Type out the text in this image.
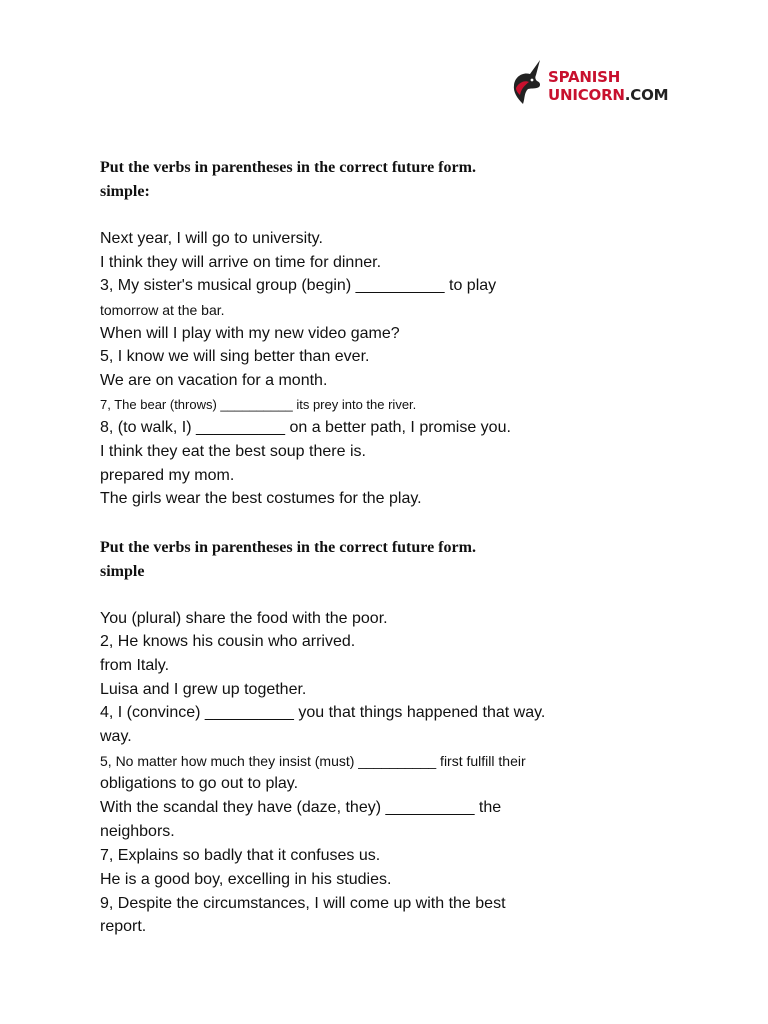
SPANISH
UNICORN.COM
Put the verbs in parentheses in the correct future form.
simple:
Next year, I will go to university.
I think they will arrive on time for dinner.
3, My sister's musical group (begin) __________ to play
tomorrow at the bar.
When will I play with my new video game?
5, I know we will sing better than ever.
We are on vacation for a month.
7, The bear (throws) __________ its prey into the river.
8, (to walk, I) __________ on a better path, I promise you.
I think they eat the best soup there is.
prepared my mom.
The girls wear the best costumes for the play.
Put the verbs in parentheses in the correct future form.
simple
You (plural) share the food with the poor.
2, He knows his cousin who arrived.
from Italy.
Luisa and I grew up together.
4, I (convince) __________ you that things happened that way.
way.
5, No matter how much they insist (must) __________ first fulfill their
obligations to go out to play.
With the scandal they have (daze, they) __________ the
neighbors.
7, Explains so badly that it confuses us.
He is a good boy, excelling in his studies.
9, Despite the circumstances, I will come up with the best
report.
